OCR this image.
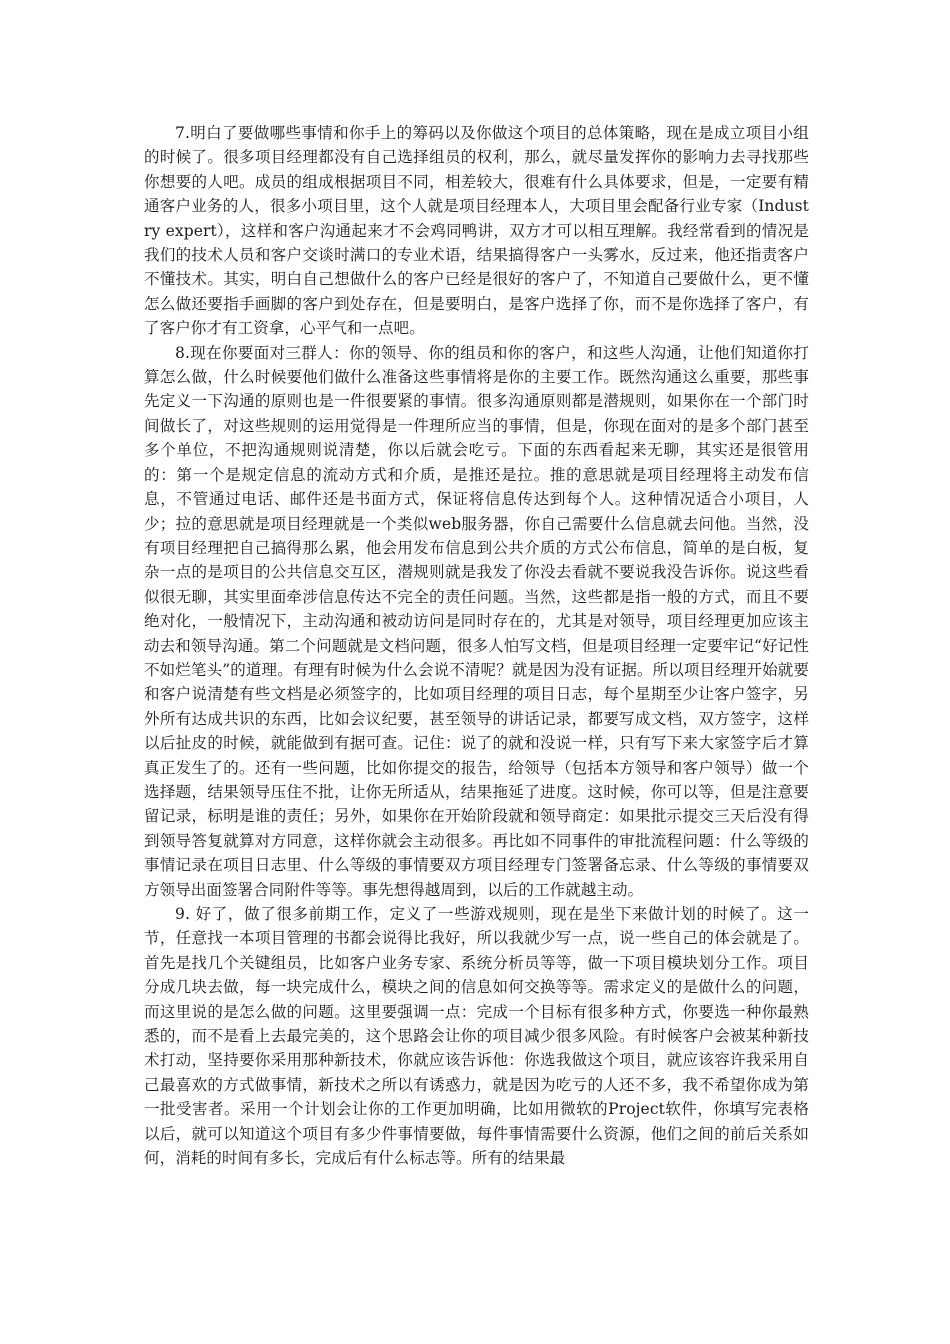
7.明白了要做哪些事情和你手上的筹码以及你做这个项目的总体策略，现在是成立项目小组的时候了。很多项目经理都没有自己选择组员的权利，那么，就尽量发挥你的影响力去寻找那些你想要的人吧。成员的组成根据项目不同，相差较大，很难有什么具体要求，但是，一定要有精通客户业务的人，很多小项目里，这个人就是项目经理本人，大项目里会配备行业专家（Industry expert），这样和客户沟通起来才不会鸡同鸭讲，双方才可以相互理解。我经常看到的情况是我们的技术人员和客户交谈时满口的专业术语，结果搞得客户一头雾水，反过来，他还指责客户不懂技术。其实，明白自己想做什么的客户已经是很好的客户了，不知道自己要做什么，更不懂怎么做还要指手画脚的客户到处存在，但是要明白，是客户选择了你，而不是你选择了客户，有了客户你才有工资拿，心平气和一点吧。

8.现在你要面对三群人：你的领导、你的组员和你的客户，和这些人沟通，让他们知道你打算怎么做，什么时候要他们做什么准备这些事情将是你的主要工作。既然沟通这么重要，那些事先定义一下沟通的原则也是一件很要紧的事情。很多沟通原则都是潜规则，如果你在一个部门时间做长了，对这些规则的运用觉得是一件理所应当的事情，但是，你现在面对的是多个部门甚至多个单位，不把沟通规则说清楚，你以后就会吃亏。下面的东西看起来无聊，其实还是很管用的：第一个是规定信息的流动方式和介质，是推还是拉。推的意思就是项目经理将主动发布信息，不管通过电话、邮件还是书面方式，保证将信息传达到每个人。这种情况适合小项目，人少；拉的意思就是项目经理就是一个类似web服务器，你自己需要什么信息就去问他。当然，没有项目经理把自己搞得那么累，他会用发布信息到公共介质的方式公布信息，简单的是白板，复杂一点的是项目的公共信息交互区，潜规则就是我发了你没去看就不要说我没告诉你。说这些看似很无聊，其实里面牵涉信息传达不完全的责任问题。当然，这些都是指一般的方式，而且不要绝对化，一般情况下，主动沟通和被动访问是同时存在的，尤其是对领导，项目经理更加应该主动去和领导沟通。第二个问题就是文档问题，很多人怕写文档，但是项目经理一定要牢记“好记性不如烂笔头”的道理。有理有时候为什么会说不清呢？就是因为没有证据。所以项目经理开始就要和客户说清楚有些文档是必须签字的，比如项目经理的项目日志，每个星期至少让客户签字，另外所有达成共识的东西，比如会议纪要，甚至领导的讲话记录，都要写成文档，双方签字，这样以后扯皮的时候，就能做到有据可查。记住：说了的就和没说一样，只有写下来大家签字后才算真正发生了的。还有一些问题，比如你提交的报告，给领导（包括本方领导和客户领导）做一个选择题，结果领导压住不批，让你无所适从，结果拖延了进度。这时候，你可以等，但是注意要留记录，标明是谁的责任；另外，如果你在开始阶段就和领导商定：如果批示提交三天后没有得到领导答复就算对方同意，这样你就会主动很多。再比如不同事件的审批流程问题：什么等级的事情记录在项目日志里、什么等级的事情要双方项目经理专门签署备忘录、什么等级的事情要双方领导出面签署合同附件等等。事先想得越周到，以后的工作就越主动。

9. 好了，做了很多前期工作，定义了一些游戏规则，现在是坐下来做计划的时候了。这一节，任意找一本项目管理的书都会说得比我好，所以我就少写一点，说一些自己的体会就是了。首先是找几个关键组员，比如客户业务专家、系统分析员等等，做一下项目模块划分工作。项目分成几块去做，每一块完成什么，模块之间的信息如何交换等等。需求定义的是做什么的问题，而这里说的是怎么做的问题。这里要强调一点：完成一个目标有很多种方式，你要选一种你最熟悉的，而不是看上去最完美的，这个思路会让你的项目减少很多风险。有时候客户会被某种新技术打动，坚持要你采用那种新技术，你就应该告诉他：你选我做这个项目，就应该容许我采用自己最喜欢的方式做事情，新技术之所以有诱惑力，就是因为吃亏的人还不多，我不希望你成为第一批受害者。采用一个计划会让你的工作更加明确，比如用微软的Project软件，你填写完表格以后，就可以知道这个项目有多少件事情要做，每件事情需要什么资源，他们之间的前后关系如何，消耗的时间有多长，完成后有什么标志等。所有的结果最
